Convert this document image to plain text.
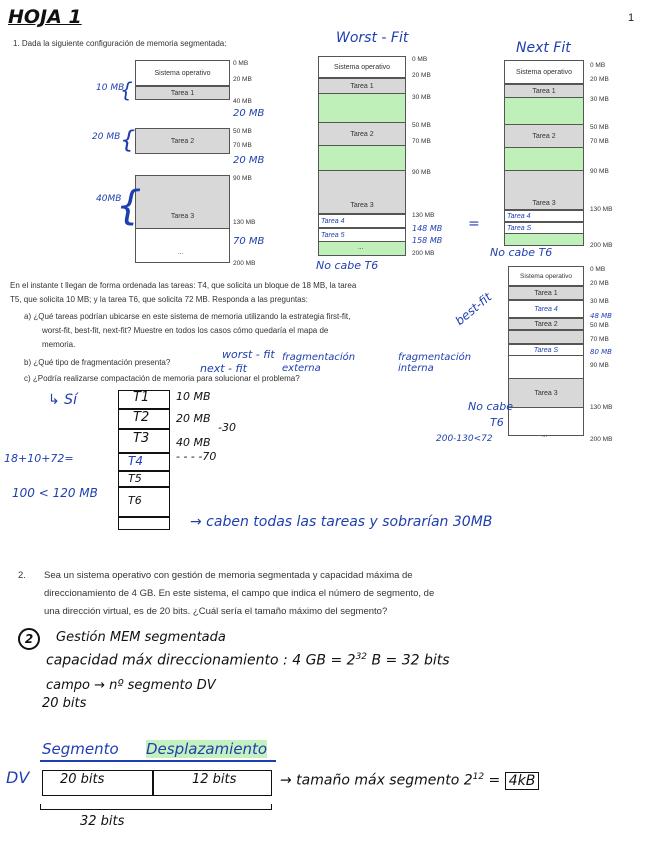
HOJA 1	1
1. Dada la siguiente configuración de memoria segmentada:
Sistema operativo
Tarea 1
Tarea 2
Tarea 3
...
0 MB
20 MB
40 MB
50 MB
70 MB
90 MB
130 MB
200 MB
10 MB
{
20 MB {
40MB
{
20 MB
20 MB
70 MB
Worst - Fit
Sistema operativo
Tarea 1
Tarea 2
Tarea 3
Tarea 4
Tarea 5
...
0 MB
20 MB
30 MB
50 MB
70 MB
90 MB
130 MB
148 MB
158 MB
200 MB
No cabe T6
Next Fit
=
Sistema operativo
Tarea 1
Tarea 2
Tarea 3
Tarea 4
Tarea S
0 MB
20 MB
30 MB
50 MB
70 MB
90 MB
130 MB
200 MB
No cabe T6
best-fit
Sistema operativo
Tarea 1
Tarea 4
Tarea 2
Tarea S
Tarea 3
...
0 MB
20 MB
30 MB
48 MB
50 MB
70 MB
80 MB
90 MB
130 MB
200 MB
No cabe
T6
200-130<72
En el instante t llegan de forma ordenada las tareas: T4, que solicita un bloque de 18 MB, la tarea
T5, que solicita 10 MB; y la tarea T6, que solicita 72 MB. Responda a las preguntas:
a) ¿Qué tareas podrían ubicarse en este sistema de memoria utilizando la estrategia first-fit,
worst-fit, best-fit, next-fit? Muestre en todos los casos cómo quedaría el mapa de
memoria.
b) ¿Qué tipo de fragmentación presenta?
c) ¿Podría realizarse compactación de memoria para solucionar el problema?
worst - fit
next - fit
fragmentación externa
fragmentación interna
↳ Sí
18+10+72=
100 < 120 MB
T1
T2
T3
T4
T5
T6
10 MB
20 MB
-30
40 MB
- - - -70
→ caben todas las tareas y sobrarían 30MB
2. Sea un sistema operativo con gestión de memoria segmentada y capacidad máxima de
direccionamiento de 4 GB. En este sistema, el campo que indica el número de segmento, de
una dirección virtual, es de 20 bits. ¿Cuál sería el tamaño máximo del segmento?
2	Gestión MEM segmentada
capacidad máx direccionamiento : 4 GB = $2^{32}$ B = 32 bits
campo → nº segmento DV
20 bits
Segmento Desplazamiento
DV 20 bits	12 bits
32 bits
→ tamaño máx segmento $2^{12} = 4kB$
